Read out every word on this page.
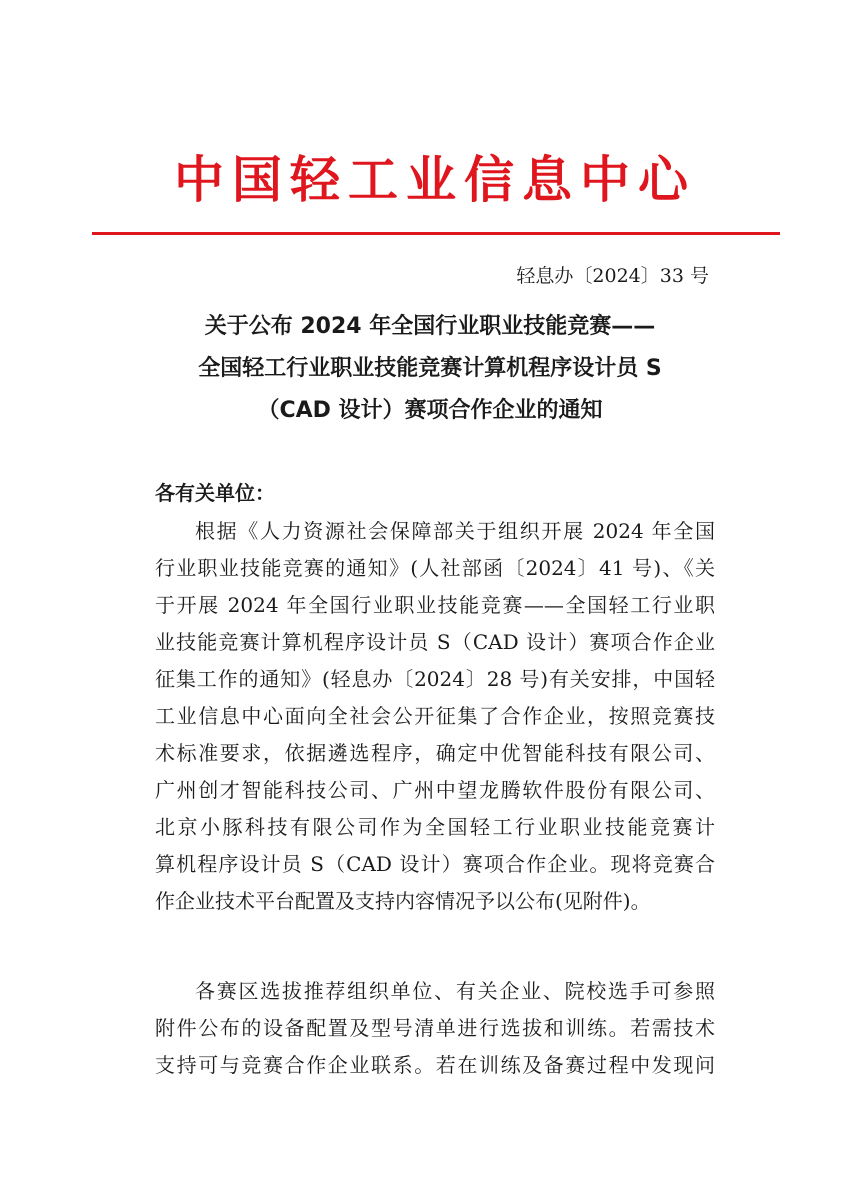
中国轻工业信息中心
轻息办〔2024〕33 号
关于公布 2024 年全国行业职业技能竞赛——
全国轻工行业职业技能竞赛计算机程序设计员 S
（CAD 设计）赛项合作企业的通知
各有关单位：
根据《人力资源社会保障部关于组织开展 2024 年全国
行业职业技能竞赛的通知》(人社部函〔2024〕41 号)、《关
于开展 2024 年全国行业职业技能竞赛——全国轻工行业职
业技能竞赛计算机程序设计员 S（CAD 设计）赛项合作企业
征集工作的通知》(轻息办〔2024〕28 号)有关安排，中国轻
工业信息中心面向全社会公开征集了合作企业，按照竞赛技
术标准要求，依据遴选程序，确定中优智能科技有限公司、
广州创才智能科技公司、广州中望龙腾软件股份有限公司、
北京小豚科技有限公司作为全国轻工行业职业技能竞赛计
算机程序设计员 S（CAD 设计）赛项合作企业。现将竞赛合
作企业技术平台配置及支持内容情况予以公布(见附件)。
各赛区选拔推荐组织单位、有关企业、院校选手可参照
附件公布的设备配置及型号清单进行选拔和训练。若需技术
支持可与竞赛合作企业联系。若在训练及备赛过程中发现问
